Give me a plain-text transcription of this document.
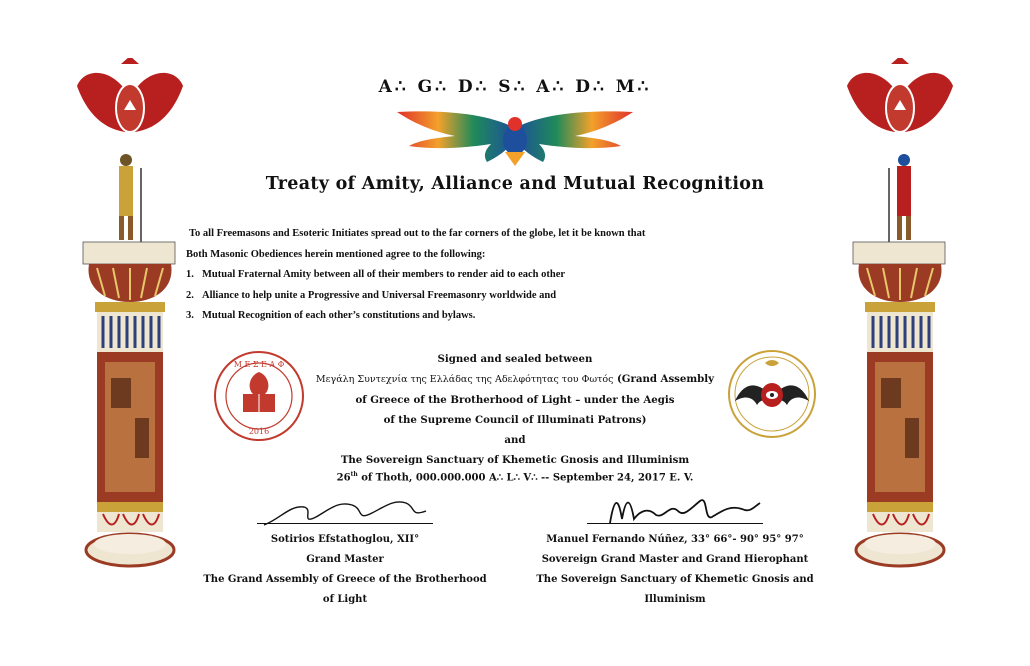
A∴ G∴ D∴ S∴ A∴ D∴ M∴
Treaty of Amity, Alliance and Mutual Recognition
To all Freemasons and Esoteric Initiates spread out to the far corners of the globe, let it be known that
Both Masonic Obediences herein mentioned agree to the following:
1. Mutual Fraternal Amity between all of their members to render aid to each other
2. Alliance to help unite a Progressive and Universal Freemasonry worldwide and
3. Mutual Recognition of each other’s constitutions and bylaws.
Signed and sealed between
Μεγάλη Συντεχνία της Ελλάδας της Αδελφότητας του Φωτός (Grand Assembly
of Greece of the Brotherhood of Light – under the Aegis
of the Supreme Council of Illuminati Patrons)
and
The Sovereign Sanctuary of Khemetic Gnosis and Illuminism
26th of Thoth, 000.000.000 A∴ L∴ V∴ -- September 24, 2017 E. V.
Μ Ε Σ Ε Α Φ
2016
Sotirios Efstathoglou, XII°
Grand Master
The Grand Assembly of Greece of the Brotherhood of Light
Manuel Fernando Núñez, 33° 66°- 90° 95° 97°
Sovereign Grand Master and Grand Hierophant
The Sovereign Sanctuary of Khemetic Gnosis and Illuminism
